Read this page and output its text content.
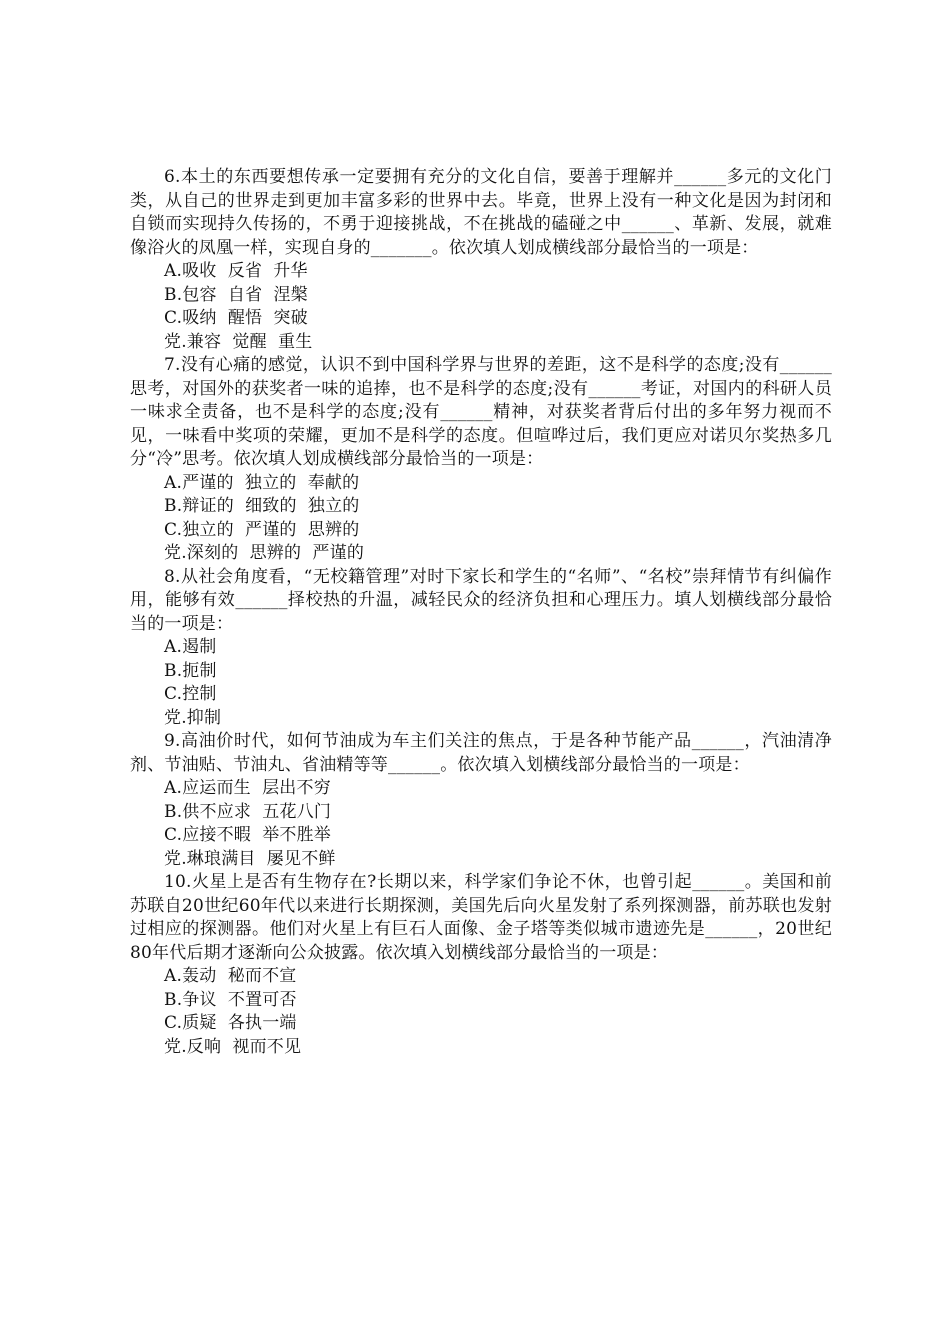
6.本土的东西要想传承一定要拥有充分的文化自信，要善于理解并______多元的文化门类，从自己的世界走到更加丰富多彩的世界中去。毕竟，世界上没有一种文化是因为封闭和自锁而实现持久传扬的，不勇于迎接挑战，不在挑战的磕碰之中______、革新、发展，就难像浴火的凤凰一样，实现自身的_______。依次填人划成横线部分最恰当的一项是：

A.吸收  反省  升华

B.包容  自省  涅槃

C.吸纳  醒悟  突破

党.兼容  觉醒  重生

7.没有心痛的感觉，认识不到中国科学界与世界的差距，这不是科学的态度;没有______思考，对国外的获奖者一味的追捧，也不是科学的态度;没有______考证，对国内的科研人员一味求全责备，也不是科学的态度;没有______精神，对获奖者背后付出的多年努力视而不见，一味看中奖项的荣耀，更加不是科学的态度。但喧哗过后，我们更应对诺贝尔奖热多几分“冷”思考。依次填人划成横线部分最恰当的一项是：

A.严谨的  独立的  奉献的

B.辩证的  细致的  独立的

C.独立的  严谨的  思辨的

党.深刻的  思辨的  严谨的

8.从社会角度看，“无校籍管理”对时下家长和学生的“名师”、“名校”崇拜情节有纠偏作用，能够有效______择校热的升温，减轻民众的经济负担和心理压力。填人划横线部分最恰当的一项是：

A.遏制

B.扼制

C.控制

党.抑制

9.高油价时代，如何节油成为车主们关注的焦点，于是各种节能产品______，汽油清净剂、节油贴、节油丸、省油精等等______。依次填入划横线部分最恰当的一项是：

A.应运而生  层出不穷

B.供不应求  五花八门

C.应接不暇  举不胜举

党.琳琅满目  屡见不鲜

10.火星上是否有生物存在?长期以来，科学家们争论不休，也曾引起______。美国和前苏联自20世纪60年代以来进行长期探测，美国先后向火星发射了系列探测器，前苏联也发射过相应的探测器。他们对火星上有巨石人面像、金子塔等类似城市遗迹先是______，20世纪80年代后期才逐渐向公众披露。依次填入划横线部分最恰当的一项是：

A.轰动  秘而不宣

B.争议  不置可否

C.质疑  各执一端

党.反响  视而不见
